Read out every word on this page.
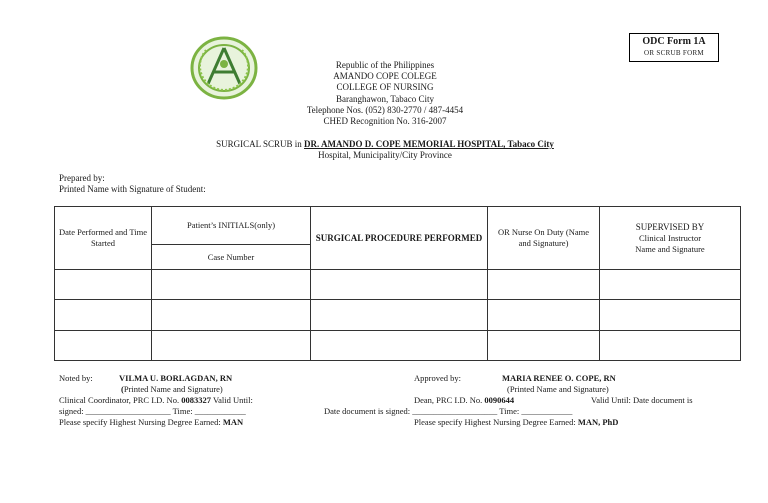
ODC Form 1A
OR SCRUB FORM
Republic of the Philippines
AMANDO COPE COLEGE
COLLEGE OF NURSING
Baranghawon, Tabaco City
Telephone Nos. (052) 830-2770 / 487-4454
CHED Recognition No. 316-2007
SURGICAL SCRUB in DR. AMANDO D. COPE MEMORIAL HOSPITAL, Tabaco City
Hospital, Municipality/City Province
Prepared by:
Printed Name with Signature of Student:
Date Performed and Time Started	Patient’s INITIALS(only)	SURGICAL PROCEDURE PERFORMED	OR Nurse On Duty (Name and Signature)	SUPERVISED BY
Clinical Instructor
Name and Signature

	Case Number			

Noted by:	VILMA U. BORLAGDAN, RN
(Printed Name and Signature)
Clinical Coordinator, PRC I.D. No. 0083327 Valid Until:
signed: ____________________ Time: ____________
Please specify Highest Nursing Degree Earned: MAN
Approved by:	MARIA RENEE O. COPE, RN
(Printed Name and Signature)
Dean, PRC I.D. No. 0090644	Valid Until: Date document is
Date document is signed: ____________________ Time: ____________
Please specify Highest Nursing Degree Earned: MAN, PhD
